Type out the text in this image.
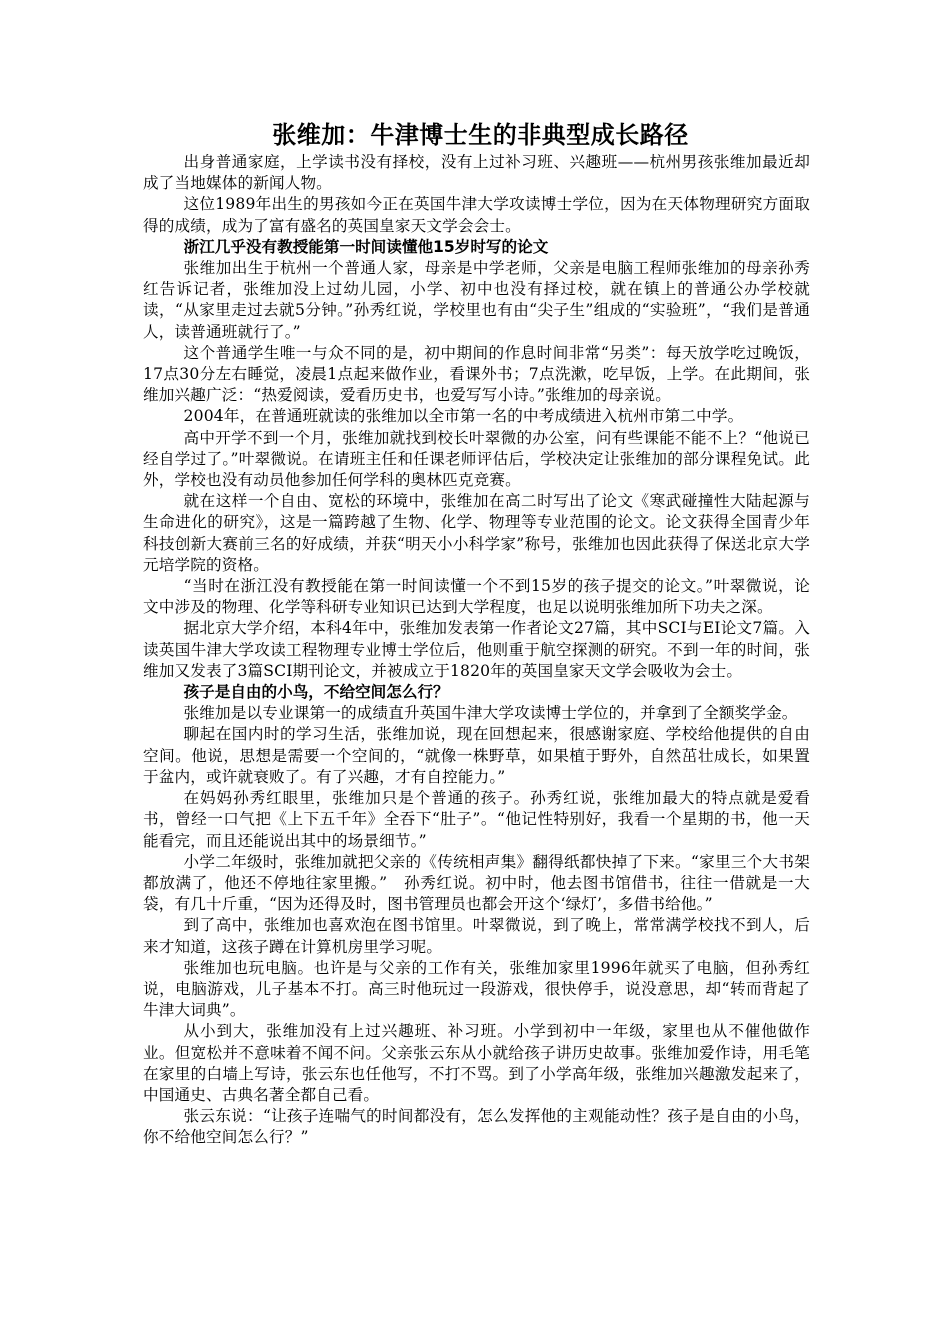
张维加：牛津博士生的非典型成长路径

出身普通家庭，上学读书没有择校，没有上过补习班、兴趣班——杭州男孩张维加最近却成了当地媒体的新闻人物。

这位1989年出生的男孩如今正在英国牛津大学攻读博士学位，因为在天体物理研究方面取得的成绩，成为了富有盛名的英国皇家天文学会会士。

浙江几乎没有教授能第一时间读懂他15岁时写的论文

张维加出生于杭州一个普通人家，母亲是中学老师，父亲是电脑工程师张维加的母亲孙秀红告诉记者，张维加没上过幼儿园，小学、初中也没有择过校，就在镇上的普通公办学校就读，“从家里走过去就5分钟。”孙秀红说，学校里也有由“尖子生”组成的“实验班”，“我们是普通人，读普通班就行了。”

这个普通学生唯一与众不同的是，初中期间的作息时间非常“另类”：每天放学吃过晚饭，17点30分左右睡觉，凌晨1点起来做作业，看课外书；7点洗漱，吃早饭，上学。在此期间，张维加兴趣广泛：“热爱阅读，爱看历史书，也爱写写小诗。”张维加的母亲说。

2004年，在普通班就读的张维加以全市第一名的中考成绩进入杭州市第二中学。

高中开学不到一个月，张维加就找到校长叶翠微的办公室，问有些课能不能不上？“他说已经自学过了。”叶翠微说。在请班主任和任课老师评估后，学校决定让张维加的部分课程免试。此外，学校也没有动员他参加任何学科的奥林匹克竞赛。

就在这样一个自由、宽松的环境中，张维加在高二时写出了论文《寒武碰撞性大陆起源与生命进化的研究》，这是一篇跨越了生物、化学、物理等专业范围的论文。论文获得全国青少年科技创新大赛前三名的好成绩，并获“明天小小科学家”称号，张维加也因此获得了保送北京大学元培学院的资格。

“当时在浙江没有教授能在第一时间读懂一个不到15岁的孩子提交的论文。”叶翠微说，论文中涉及的物理、化学等科研专业知识已达到大学程度，也足以说明张维加所下功夫之深。

据北京大学介绍，本科4年中，张维加发表第一作者论文27篇，其中SCI与EI论文7篇。入读英国牛津大学攻读工程物理专业博士学位后，他则重于航空探测的研究。不到一年的时间，张维加又发表了3篇SCI期刊论文，并被成立于1820年的英国皇家天文学会吸收为会士。

孩子是自由的小鸟，不给空间怎么行？

张维加是以专业课第一的成绩直升英国牛津大学攻读博士学位的，并拿到了全额奖学金。

聊起在国内时的学习生活，张维加说，现在回想起来，很感谢家庭、学校给他提供的自由空间。他说，思想是需要一个空间的，“就像一株野草，如果植于野外，自然茁壮成长，如果置于盆内，或许就衰败了。有了兴趣，才有自控能力。”

在妈妈孙秀红眼里，张维加只是个普通的孩子。孙秀红说，张维加最大的特点就是爱看书，曾经一口气把《上下五千年》全吞下“肚子”。“他记性特别好，我看一个星期的书，他一天能看完，而且还能说出其中的场景细节。”

小学二年级时，张维加就把父亲的《传统相声集》翻得纸都快掉了下来。“家里三个大书架都放满了，他还不停地往家里搬。”　孙秀红说。初中时，他去图书馆借书，往往一借就是一大袋，有几十斤重，“因为还得及时，图书管理员也都会开这个‘绿灯’，多借书给他。”

到了高中，张维加也喜欢泡在图书馆里。叶翠微说，到了晚上，常常满学校找不到人，后来才知道，这孩子蹲在计算机房里学习呢。

张维加也玩电脑。也许是与父亲的工作有关，张维加家里1996年就买了电脑，但孙秀红说，电脑游戏，儿子基本不打。高三时他玩过一段游戏，很快停手，说没意思，却“转而背起了牛津大词典”。

从小到大，张维加没有上过兴趣班、补习班。小学到初中一年级，家里也从不催他做作业。但宽松并不意味着不闻不问。父亲张云东从小就给孩子讲历史故事。张维加爱作诗，用毛笔在家里的白墙上写诗，张云东也任他写，不打不骂。到了小学高年级，张维加兴趣激发起来了，中国通史、古典名著全都自己看。

张云东说：“让孩子连喘气的时间都没有，怎么发挥他的主观能动性？孩子是自由的小鸟，你不给他空间怎么行？”
